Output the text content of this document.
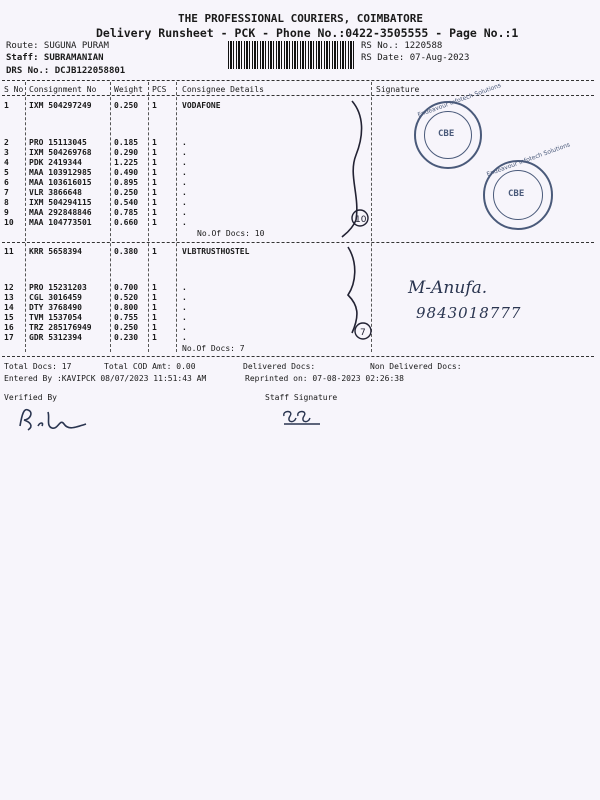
THE PROFESSIONAL COURIERS, COIMBATORE
Delivery Runsheet - PCK - Phone No.:0422-3505555 - Page No.:1
Route: SUGUNA PURAM
Staff: SUBRAMANIAN
DRS No.: DCJB122058801
RS No.: 1220588
RS Date: 07-Aug-2023
S No Consignment No Weight PCS Consignee Details	Signature
1	IXM 504297249	0.250 1	VODAFONE
2	PRO 15113045	0.185 1	.
3	IXM 504269768	0.290 1	.
4	PDK 2419344	1.225 1	.
5	MAA 103912985	0.490 1	.
6	MAA 103616015	0.895 1	.
7	VLR 3866648	0.250 1	.
8	IXM 504294115	0.540 1	.
9	MAA 292848846	0.785 1	.
10 MAA 104773501	0.660 1	.
No.Of Docs: 10
11 KRR 5658394	0.380 1	VLBTRUSTHOSTEL
12 PRO 15231203	0.700 1	.
13 CGL 3016459	0.520 1	.
14 DTY 3768490	0.800 1	.
15 TVM 1537054	0.755 1	.
16 TRZ 285176949	0.250 1	.
17 GDR 5312394	0.230 1	.
No.Of Docs: 7
10
7
Endeavour Infotech Solutions
CBE
Endeavour Infotech Solutions
CBE
M-Anufa.
9843018777
Total Docs: 17	Total COD Amt: 0.00	Delivered Docs:	Non Delivered Docs:
Entered By :KAVIPCK 08/07/2023 11:51:43 AM	Reprinted on: 07-08-2023 02:26:38
Verified By	Staff Signature
